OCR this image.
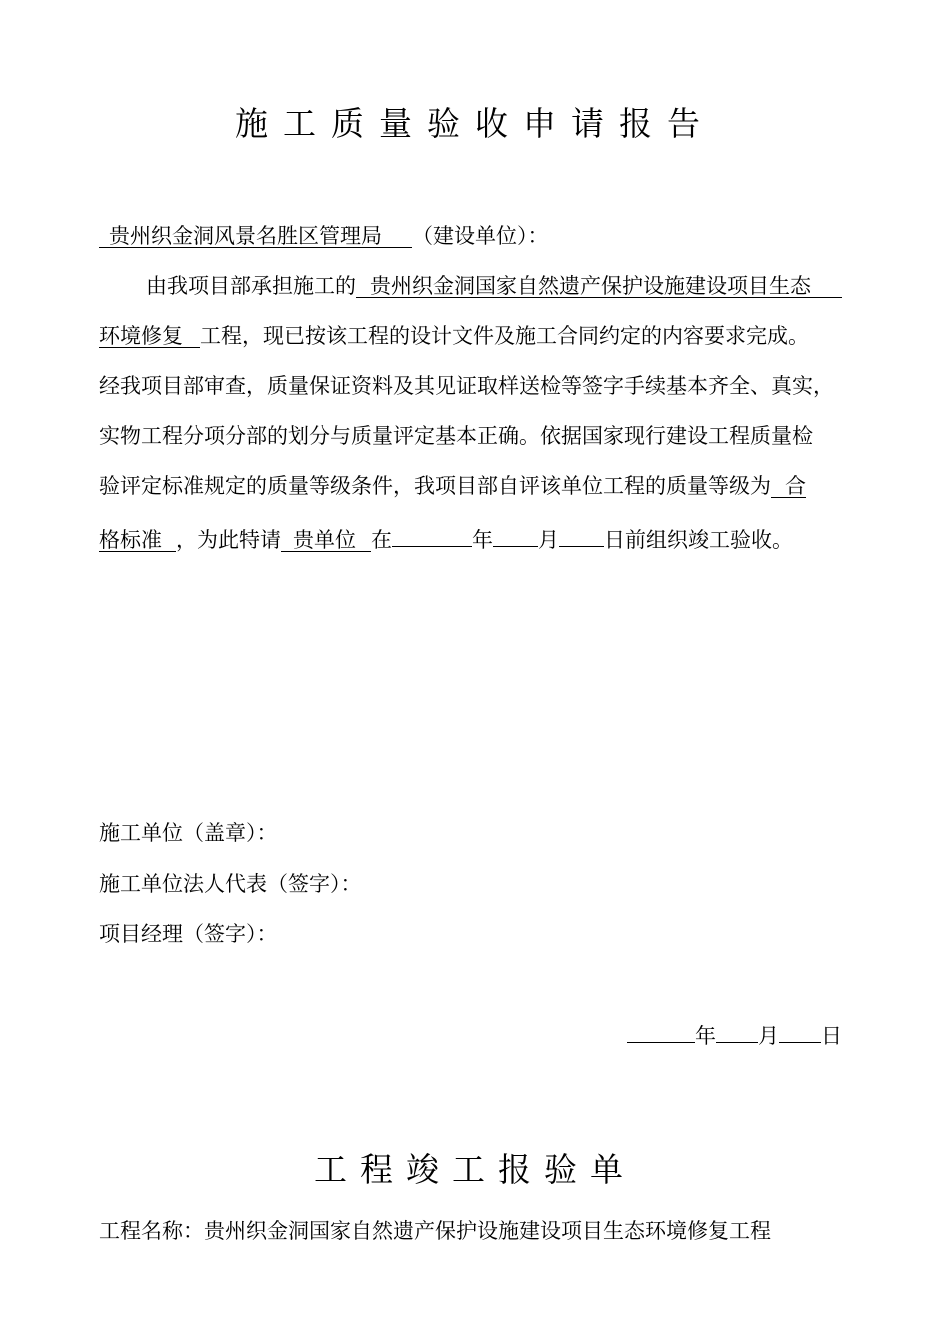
施工质量验收申请报告
贵州织金洞风景名胜区管理局 （建设单位）：
由我项目部承担施工的 贵州织金洞国家自然遗产保护设施建设项目生态
环境修复 工程，现已按该工程的设计文件及施工合同约定的内容要求完成。
经我项目部审查，质量保证资料及其见证取样送检等签字手续基本齐全、真实，
实物工程分项分部的划分与质量评定基本正确。依据国家现行建设工程质量检
验评定标准规定的质量等级条件，我项目部自评该单位工程的质量等级为 合
格标准 ，为此特请 贵单位 在	年 月 日前组织竣工验收。
施工单位（盖章）：
施工单位法人代表（签字）：
项目经理（签字）：
年 月 日
工程竣工报验单
工程名称：贵州织金洞国家自然遗产保护设施建设项目生态环境修复工程
